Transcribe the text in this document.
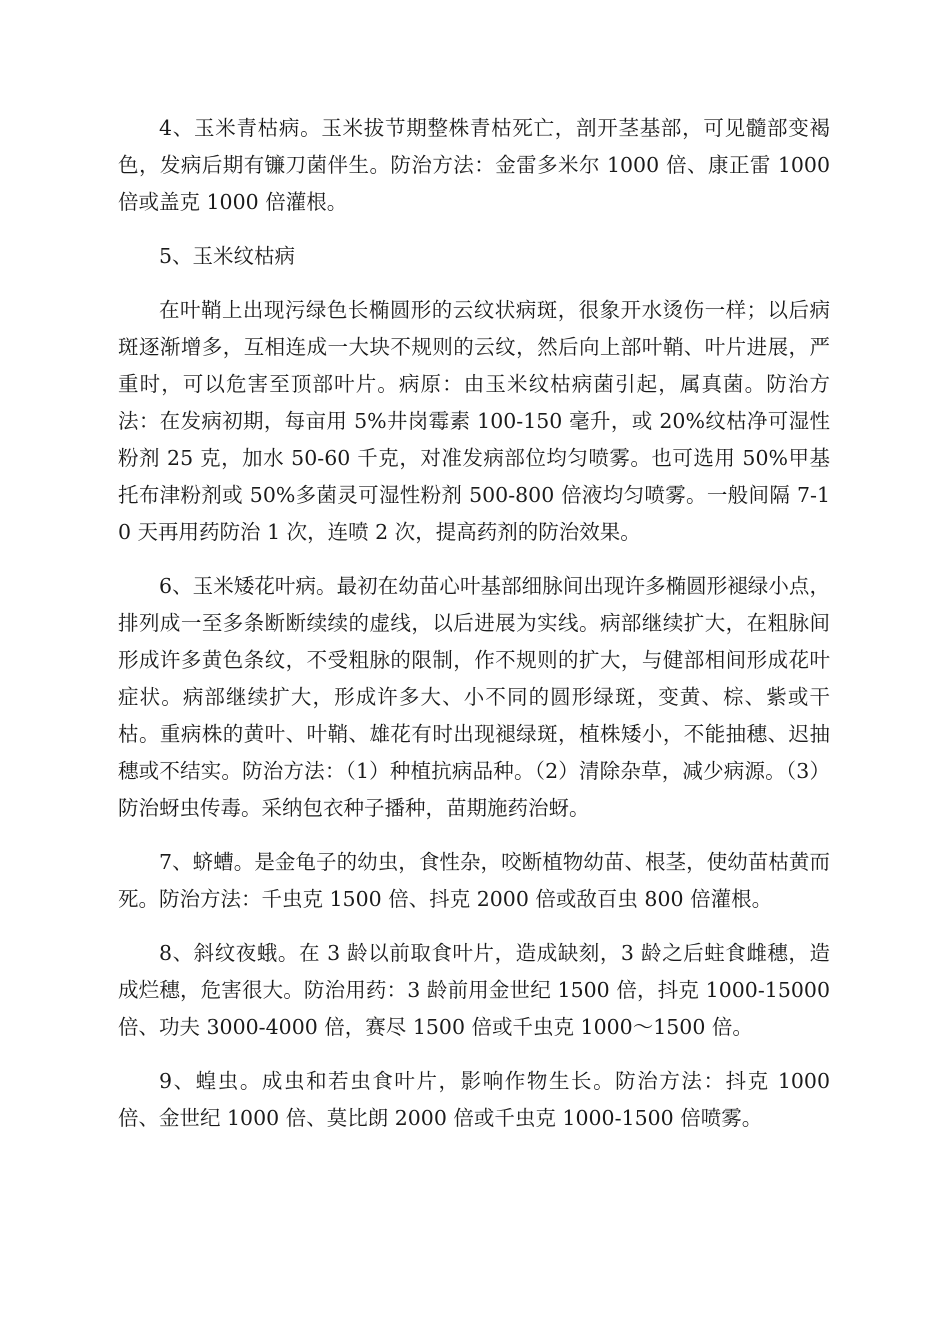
4、玉米青枯病。玉米拔节期整株青枯死亡，剖开茎基部，可见髓部变褐色，发病后期有镰刀菌伴生。防治方法：金雷多米尔 1000 倍、康正雷 1000 倍或盖克 1000 倍灌根。

5、玉米纹枯病

在叶鞘上出现污绿色长椭圆形的云纹状病斑，很象开水烫伤一样；以后病斑逐渐增多，互相连成一大块不规则的云纹，然后向上部叶鞘、叶片进展，严重时，可以危害至顶部叶片。病原：由玉米纹枯病菌引起，属真菌。防治方法：在发病初期，每亩用 5%井岗霉素 100-150 毫升，或 20%纹枯净可湿性粉剂 25 克，加水 50-60 千克，对准发病部位均匀喷雾。也可选用 50%甲基托布津粉剂或 50%多菌灵可湿性粉剂 500-800 倍液均匀喷雾。一般间隔 7-10 天再用药防治 1 次，连喷 2 次，提高药剂的防治效果。

6、玉米矮花叶病。最初在幼苗心叶基部细脉间出现许多椭圆形褪绿小点，排列成一至多条断断续续的虚线，以后进展为实线。病部继续扩大，在粗脉间形成许多黄色条纹，不受粗脉的限制，作不规则的扩大，与健部相间形成花叶症状。病部继续扩大，形成许多大、小不同的圆形绿斑，变黄、棕、紫或干枯。重病株的黄叶、叶鞘、雄花有时出现褪绿斑，植株矮小，不能抽穗、迟抽穗或不结实。防治方法：（1）种植抗病品种。（2）清除杂草，减少病源。（3）防治蚜虫传毒。采纳包衣种子播种，苗期施药治蚜。

7、蛴螬。是金龟子的幼虫，食性杂，咬断植物幼苗、根茎，使幼苗枯黄而死。防治方法：千虫克 1500 倍、抖克 2000 倍或敌百虫 800 倍灌根。

8、斜纹夜蛾。在 3 龄以前取食叶片，造成缺刻，3 龄之后蛀食雌穗，造成烂穗，危害很大。防治用药：3 龄前用金世纪 1500 倍，抖克 1000-15000 倍、功夫 3000-4000 倍，赛尽 1500 倍或千虫克 1000～1500 倍。

9、蝗虫。成虫和若虫食叶片，影响作物生长。防治方法：抖克 1000 倍、金世纪 1000 倍、莫比朗 2000 倍或千虫克 1000-1500 倍喷雾。
